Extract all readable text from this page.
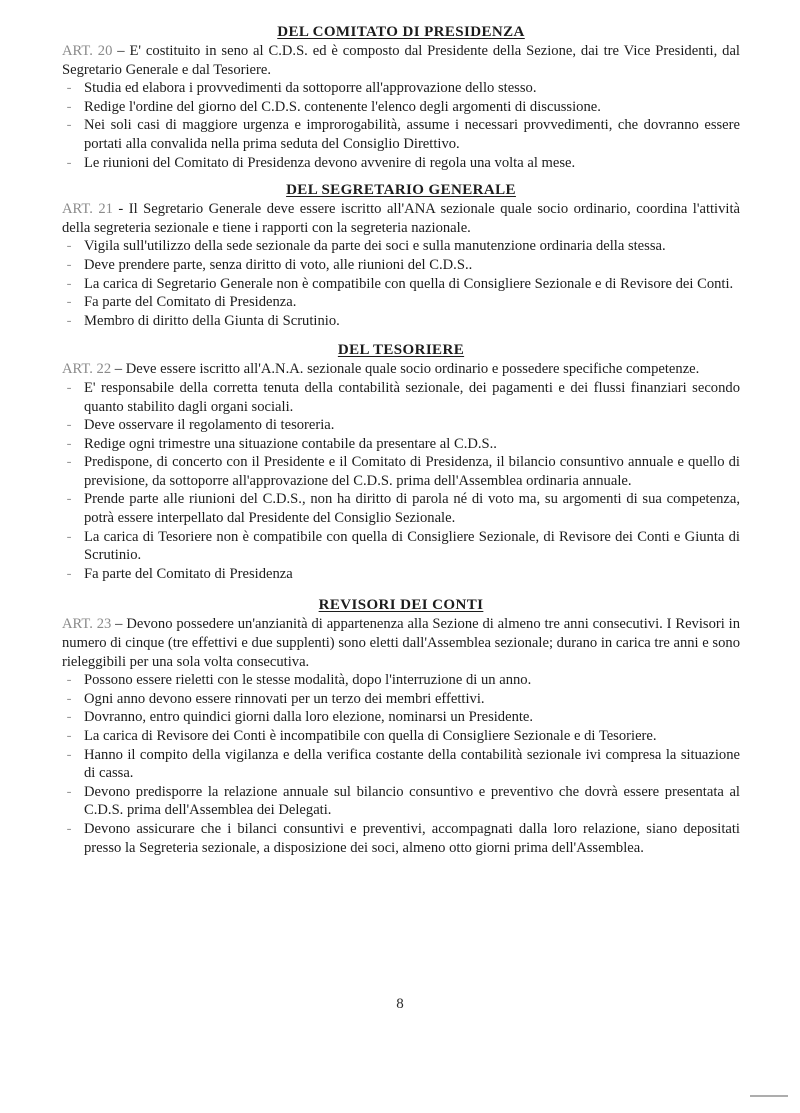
DEL COMITATO DI PRESIDENZA

ART. 20 – E' costituito in seno al C.D.S. ed è composto dal Presidente della Sezione, dai tre Vice Presidenti, dal Segretario Generale e dal Tesoriere.

- Studia ed elabora i provvedimenti da sottoporre all'approvazione dello stesso.
- Redige l'ordine del giorno del C.D.S. contenente l'elenco degli argomenti di discussione.
- Nei soli casi di maggiore urgenza e improrogabilità, assume i necessari provvedimenti, che dovranno essere portati alla convalida nella prima seduta del Consiglio Direttivo.
- Le riunioni del Comitato di Presidenza devono avvenire di regola una volta al mese.
DEL SEGRETARIO GENERALE

ART. 21 - Il Segretario Generale deve essere iscritto all'ANA sezionale quale socio ordinario, coordina l'attività della segreteria sezionale e tiene i rapporti con la segreteria nazionale.

- Vigila sull'utilizzo della sede sezionale da parte dei soci e sulla manutenzione ordinaria della stessa.
- Deve prendere parte, senza diritto di voto, alle riunioni del C.D.S..
- La carica di Segretario Generale non è compatibile con quella di Consigliere Sezionale e di Revisore dei Conti.
- Fa parte del Comitato di Presidenza.
- Membro di diritto della Giunta di Scrutinio.
DEL TESORIERE

ART. 22 – Deve essere iscritto all'A.N.A. sezionale quale socio ordinario e possedere specifiche competenze.

- E' responsabile della corretta tenuta della contabilità sezionale, dei pagamenti e dei flussi finanziari secondo quanto stabilito dagli organi sociali.
- Deve osservare il regolamento di tesoreria.
- Redige ogni trimestre una situazione contabile da presentare al C.D.S..
- Predispone, di concerto con il Presidente e il Comitato di Presidenza, il bilancio consuntivo annuale e quello di previsione, da sottoporre all'approvazione del C.D.S. prima dell'Assemblea ordinaria annuale.
- Prende parte alle riunioni del C.D.S., non ha diritto di parola né di voto ma, su argomenti di sua competenza, potrà essere interpellato dal Presidente del Consiglio Sezionale.
- La carica di Tesoriere non è compatibile con quella di Consigliere Sezionale, di Revisore dei Conti e Giunta di Scrutinio.
- Fa parte del Comitato di Presidenza
REVISORI DEI CONTI

ART. 23 – Devono possedere un'anzianità di appartenenza alla Sezione di almeno tre anni consecutivi. I Revisori in numero di cinque (tre effettivi e due supplenti) sono eletti dall'Assemblea sezionale; durano in carica tre anni e sono rieleggibili per una sola volta consecutiva.

- Possono essere rieletti con le stesse modalità, dopo l'interruzione di un anno.
- Ogni anno devono essere rinnovati per un terzo dei membri effettivi.
- Dovranno, entro quindici giorni dalla loro elezione, nominarsi un Presidente.
- La carica di Revisore dei Conti è incompatibile con quella di Consigliere Sezionale e di Tesoriere.
- Hanno il compito della vigilanza e della verifica costante della contabilità sezionale ivi compresa la situazione di cassa.
- Devono predisporre la relazione annuale sul bilancio consuntivo e preventivo che dovrà essere presentata al C.D.S. prima dell'Assemblea dei Delegati.
- Devono assicurare che i bilanci consuntivi e preventivi, accompagnati dalla loro relazione, siano depositati presso la Segreteria sezionale, a disposizione dei soci, almeno otto giorni prima dell'Assemblea.
8
